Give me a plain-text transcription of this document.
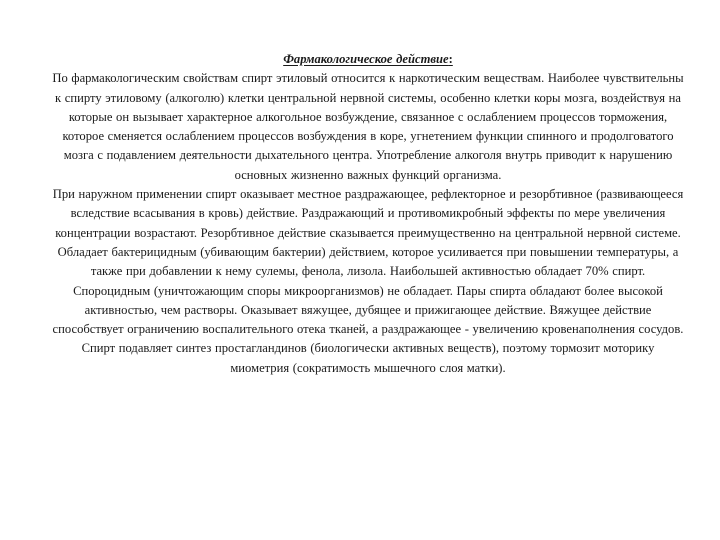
Фармакологическое действие:
По фармакологическим свойствам спирт этиловый относится к наркотическим веществам. Наиболее чувствительны к спирту этиловому (алкоголю) клетки центральной нервной системы, особенно клетки коры мозга, воздействуя на которые он вызывает характерное алкогольное возбуждение, связанное с ослаблением процессов торможения, которое сменяется ослаблением процессов возбуждения в коре, угнетением функции спинного и продолговатого мозга с подавлением деятельности дыхательного центра. Употребление алкоголя внутрь приводит к нарушению основных жизненно важных функций организма.
При наружном применении спирт оказывает местное раздражающее, рефлекторное и резорбтивное (развивающееся вследствие всасывания в кровь) действие. Раздражающий и противомикробный эффекты по мере увеличения концентрации возрастают. Резорбтивное действие сказывается преимущественно на центральной нервной системе.
Обладает бактерицидным (убивающим бактерии) действием, которое усиливается при повышении температуры, а также при добавлении к нему сулемы, фенола, лизола. Наибольшей активностью обладает 70% спирт. Спороцидным (уничтожающим споры микроорганизмов) не обладает. Пары спирта обладают более высокой активностью, чем растворы. Оказывает вяжущее, дубящее и прижигающее действие. Вяжущее действие способствует ограничению воспалительного отека тканей, а раздражающее - увеличению кровенаполнения сосудов.
Спирт подавляет синтез простагландинов (биологически активных веществ), поэтому тормозит моторику миометрия (сократимость мышечного слоя матки).
